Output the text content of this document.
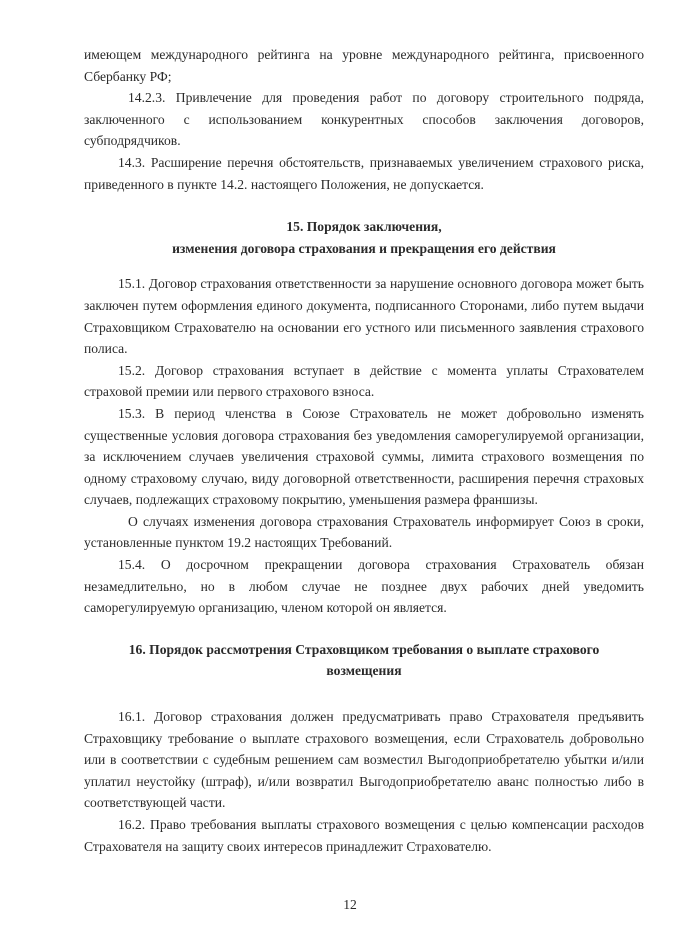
имеющем международного рейтинга на уровне международного рейтинга, присвоенного Сбербанку РФ;

14.2.3. Привлечение для проведения работ по договору строительного подряда, заключенного с использованием конкурентных способов заключения договоров, субподрядчиков.

14.3. Расширение перечня обстоятельств, признаваемых увеличением страхового риска, приведенного в пункте 14.2. настоящего Положения, не допускается.

15. Порядок заключения,
изменения договора страхования и прекращения его действия

15.1. Договор страхования ответственности за нарушение основного договора может быть заключен путем оформления единого документа, подписанного Сторонами, либо путем выдачи Страховщиком Страхователю на основании его устного или письменного заявления страхового полиса.

15.2. Договор страхования вступает в действие с момента уплаты Страхователем страховой премии или первого страхового взноса.

15.3. В период членства в Союзе Страхователь не может добровольно изменять существенные условия договора страхования без уведомления саморегулируемой организации, за исключением случаев увеличения страховой суммы, лимита страхового возмещения по одному страховому случаю, виду договорной ответственности, расширения перечня страховых случаев, подлежащих страховому покрытию, уменьшения размера франшизы.

О случаях изменения договора страхования Страхователь информирует Союз в сроки, установленные пунктом 19.2 настоящих Требований.

15.4. О досрочном прекращении договора страхования Страхователь обязан незамедлительно, но в любом случае не позднее двух рабочих дней уведомить саморегулируемую организацию, членом которой он является.

16. Порядок рассмотрения Страховщиком требования о выплате страхового
возмещения

16.1. Договор страхования должен предусматривать право Страхователя предъявить Страховщику требование о выплате страхового возмещения, если Страхователь добровольно или в соответствии с судебным решением сам возместил Выгодоприобретателю убытки и/или уплатил неустойку (штраф), и/или возвратил Выгодоприобретателю аванс полностью либо в соответствующей части.

16.2. Право требования выплаты страхового возмещения с целью компенсации расходов Страхователя на защиту своих интересов принадлежит Страхователю.

12
